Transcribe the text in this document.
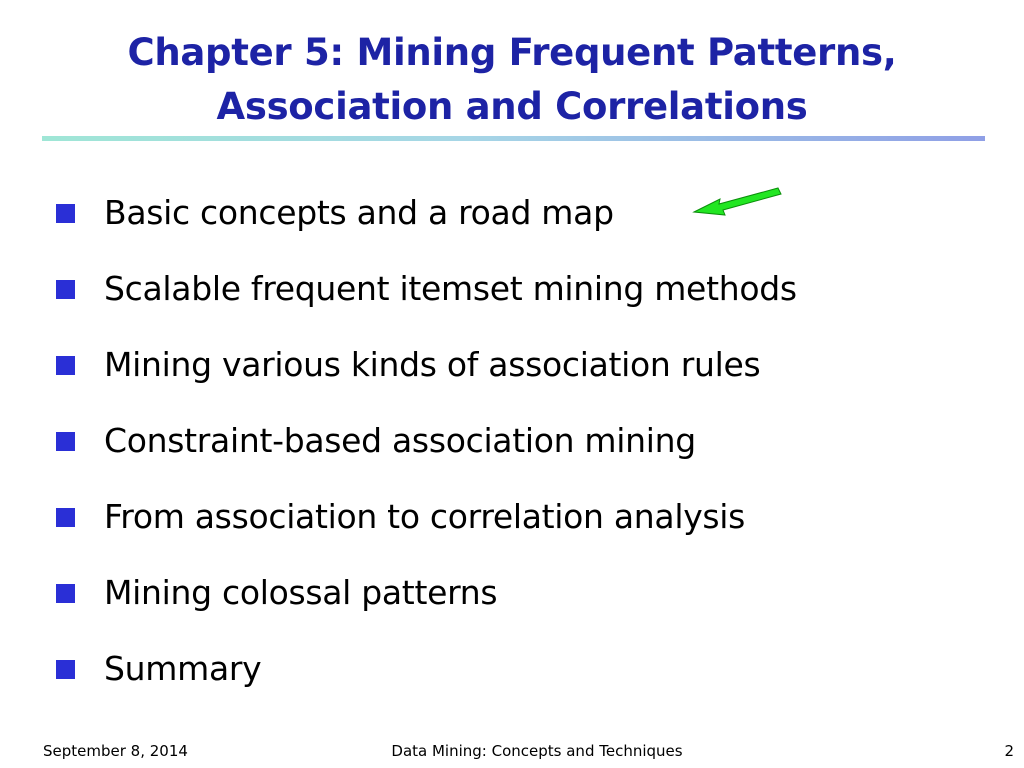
Chapter 5: Mining Frequent Patterns,
Association and Correlations
Basic concepts and a road map
Scalable frequent itemset mining methods
Mining various kinds of association rules
Constraint-based association mining
From association to correlation analysis
Mining colossal patterns
Summary
September 8, 2014	Data Mining: Concepts and Techniques	2
